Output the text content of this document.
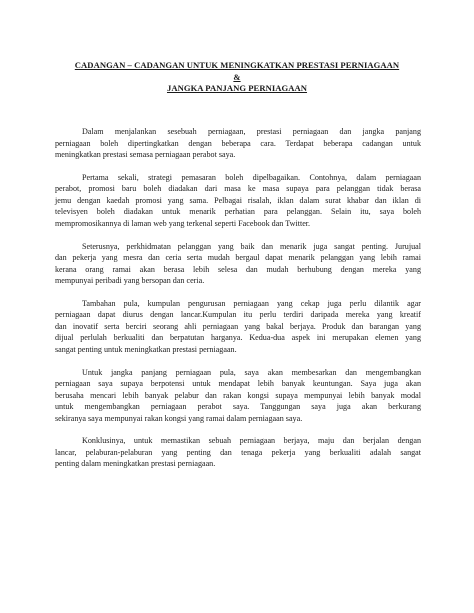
CADANGAN – CADANGAN UNTUK MENINGKATKAN PRESTASI PERNIAGAAN
&
JANGKA PANJANG PERNIAGAAN
Dalam menjalankan sesebuah perniagaan, prestasi perniagaan dan jangka panjang
perniagaan boleh dipertingkatkan dengan beberapa cara. Terdapat beberapa cadangan untuk
meningkatkan prestasi semasa perniagaan perabot saya.
Pertama sekali, strategi pemasaran boleh dipelbagaikan. Contohnya, dalam perniagaan
perabot, promosi baru boleh diadakan dari masa ke masa supaya para pelanggan tidak berasa
jemu dengan kaedah promosi yang sama. Pelbagai risalah, iklan dalam surat khabar dan iklan di
televisyen boleh diadakan untuk menarik perhatian para pelanggan. Selain itu, saya boleh
mempromosikannya di laman web yang terkenal seperti Facebook dan Twitter.
Seterusnya, perkhidmatan pelanggan yang baik dan menarik juga sangat penting. Jurujual
dan pekerja yang mesra dan ceria serta mudah bergaul dapat menarik pelanggan yang lebih ramai
kerana orang ramai akan berasa lebih selesa dan mudah berhubung dengan mereka yang
mempunyai peribadi yang bersopan dan ceria.
Tambahan pula, kumpulan pengurusan perniagaan yang cekap juga perlu dilantik agar
perniagaan dapat diurus dengan lancar.Kumpulan itu perlu terdiri daripada mereka yang kreatif
dan inovatif serta berciri seorang ahli perniagaan yang bakal berjaya. Produk dan barangan yang
dijual perlulah berkualiti dan berpatutan harganya. Kedua-dua aspek ini merupakan elemen yang
sangat penting untuk meningkatkan prestasi perniagaan.
Untuk jangka panjang perniagaan pula, saya akan membesarkan dan mengembangkan
perniagaan saya supaya berpotensi untuk mendapat lebih banyak keuntungan. Saya juga akan
berusaha mencari lebih banyak pelabur dan rakan kongsi supaya mempunyai lebih banyak modal
untuk mengembangkan perniagaan perabot saya. Tanggungan saya juga akan berkurang
sekiranya saya mempunyai rakan kongsi yang ramai dalam perniagaan saya.
Konklusinya, untuk memastikan sebuah perniagaan berjaya, maju dan berjalan dengan
lancar, pelaburan-pelaburan yang penting dan tenaga pekerja yang berkualiti adalah sangat
penting dalam meningkatkan prestasi perniagaan.
